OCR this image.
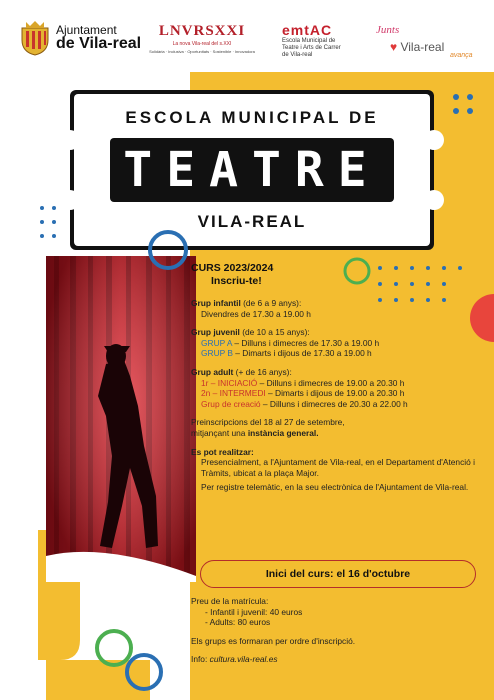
Ajuntament
de Vila-real
LNVRSXXI
La nova Vila-real del s.XXI
Solidària · Inclusiva · Oportunitats · Sostenible · Innovadora
emtAC
Escola Municipal de
Teatre i Arts de Carrer
de Vila-real
Junts
♥ Vila-real
avança
ESCOLA MUNICIPAL DE
TEATRE
VILA-REAL

CURS 2023/2024

Inscriu-te!

Grup infantil (de 6 a 9 anys):

Divendres de 17.30 a 19.00 h

Grup juvenil (de 10 a 15 anys):

GRUP A – Dilluns i dimecres de 17.30 a 19.00 h

GRUP B – Dimarts i dijous de 17.30 a 19.00 h

Grup adult (+ de 16 anys):

1r – INICIACIÓ – Dilluns i dimecres de 19.00 a 20.30 h

2n – INTERMEDI – Dimarts i dijous de 19.00 a 20.30 h

Grup de creació – Dilluns i dimecres de 20.30 a 22.00 h

Preinscripcions del 18 al 27 de setembre,

mitjançant una instància general.

Es pot realitzar:

Presencialment, a l'Ajuntament de Vila-real, en el Departament d'Atenció i Tràmits, ubicat a la plaça Major.

Per registre telemàtic, en la seu electrònica de l'Ajuntament de Vila-real.

Inici del curs: el 16 d'octubre

Preu de la matrícula:

- Infantil i juvenil: 40 euros

- Adults: 80 euros

Els grups es formaran per ordre d'inscripció.

Info: cultura.vila-real.es
